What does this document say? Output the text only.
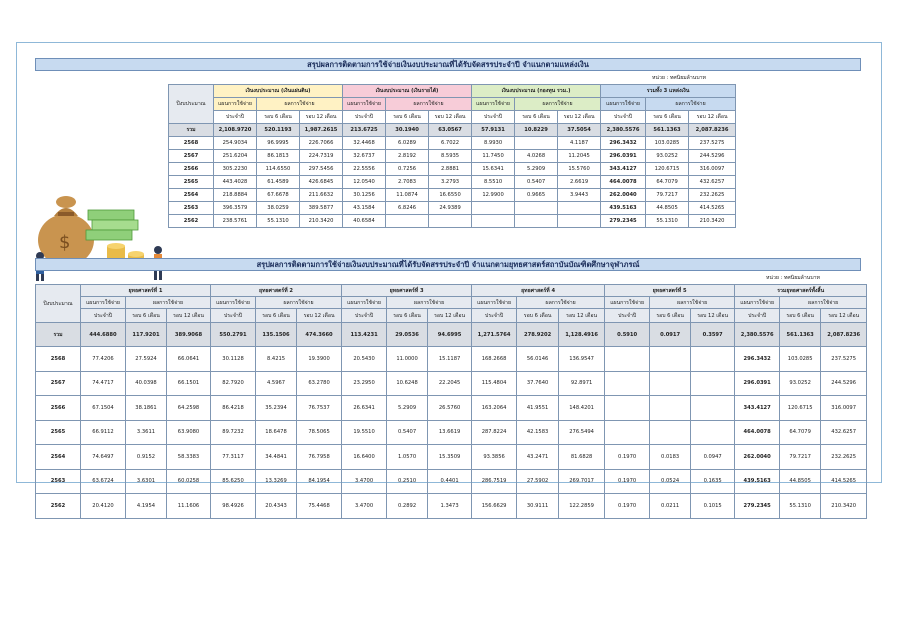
$
สรุปผลการติดตามการใช้จ่ายเงินงบประมาณที่ได้รับจัดสรรประจำปี จำแนกตามแหล่งเงิน
หน่วย : ทศนิยมล้านบาท
ปีงบประมาณ	เงินงบประมาณ (เงินแผ่นดิน)			เงินงบประมาณ (เงินรายได้)			เงินงบประมาณ (กองทุน รวม.)			รวมทั้ง 3 แหล่งเงิน		
	แผนการใช้จ่าย	ผลการใช้จ่าย		แผนการใช้จ่าย	ผลการใช้จ่าย		แผนการใช้จ่าย	ผลการใช้จ่าย		แผนการใช้จ่าย	ผลการใช้จ่าย	
	ประจำปี	รอบ 6 เดือน	รอบ 12 เดือน	ประจำปี	รอบ 6 เดือน	รอบ 12 เดือน	ประจำปี	รอบ 6 เดือน	รอบ 12 เดือน	ประจำปี	รอบ 6 เดือน	รอบ 12 เดือน
รวม	2,108.9720	520.1193	1,987.2615	213.6725	30.1940	63.0567	57.9131	10.8229	37.5054	2,380.5576	561.1363	2,087.8236
2568	254.9034	96.9995	226.7066	32.4468	6.0289	6.7022	8.9930		4.1187	296.3432	103.0285	237.5275
2567	251.6204	86.1813	224.7319	32.6737	2.8192	8.5935	11.7450	4.0268	11.2045	296.0391	93.0252	244.5296
2566	305.2230	114.6550	297.5456	22.5556	0.7256	2.8881	15.6341	5.2909	15.5760	343.4127	120.6715	316.0097
2565	443.4028	61.4589	426.6845	12.0540	2.7083	3.2793	8.5510	0.5407	2.6619	464.0078	64.7079	432.6257
2564	218.8884	67.6678	211.6632	30.1256	11.0874	16.6550	12.9900	0.9665	3.9443	262.0040	79.7217	232.2625
2563	396.3579	38.0259	389.5877	43.1584	6.8246	24.9389				439.5163	44.8505	414.5265
2562	238.5761	55.1310	210.3420	40.6584						279.2345	55.1310	210.3420
สรุปผลการติดตามการใช้จ่ายเงินงบประมาณที่ได้รับจัดสรรประจำปี จำแนกตามยุทธศาสตร์สถาบันบัณฑิตศึกษาจุฬาภรณ์
หน่วย : ทศนิยมล้านบาท
ปีงบประมาณ	ยุทธศาสตร์ที่ 1			ยุทธศาสตร์ที่ 2			ยุทธศาสตร์ที่ 3			ยุทธศาสตร์ที่ 4			ยุทธศาสตร์ที่ 5			รวมยุทธศาสตร์ทั้งสิ้น		
	แผนการใช้จ่าย	ผลการใช้จ่าย		แผนการใช้จ่าย	ผลการใช้จ่าย		แผนการใช้จ่าย	ผลการใช้จ่าย		แผนการใช้จ่าย	ผลการใช้จ่าย		แผนการใช้จ่าย	ผลการใช้จ่าย		แผนการใช้จ่าย	ผลการใช้จ่าย	
	ประจำปี	รอบ 6 เดือน	รอบ 12 เดือน	ประจำปี	รอบ 6 เดือน	รอบ 12 เดือน	ประจำปี	รอบ 6 เดือน	รอบ 12 เดือน	ประจำปี	รอบ 6 เดือน	รอบ 12 เดือน	ประจำปี	รอบ 6 เดือน	รอบ 12 เดือน	ประจำปี	รอบ 6 เดือน	รอบ 12 เดือน
รวม	444.6880	117.9201	389.9068	550.2791	135.1506	474.3660	113.4231	29.0536	94.6995	1,271.5764	278.9202	1,128.4916	0.5910	0.0917	0.3597	2,380.5576	561.1363	2,087.8236
2568	77.4206	27.5924	66.0641	30.1128	8.4215	19.3900	20.5430	11.0000	15.1187	168.2668	56.0146	136.9547				296.3432	103.0285	237.5275
2567	74.4717	40.0398	66.1501	82.7920	4.5967	63.2780	23.2950	10.6248	22.2045	115.4804	37.7640	92.8971				296.0391	93.0252	244.5296
2566	67.1504	38.1861	64.2598	86.4218	35.2394	76.7537	26.6341	5.2909	26.5760	163.2064	41.9551	148.4201				343.4127	120.6715	316.0097
2565	66.9112	3.3611	63.9080	89.7232	18.6478	78.5065	19.5510	0.5407	13.6619	287.8224	42.1583	276.5494				464.0078	64.7079	432.6257
2564	74.6497	0.9152	58.3383	77.3117	34.4841	76.7958	16.6400	1.0570	15.3509	93.3856	43.2471	81.6828	0.1970	0.0183	0.0947	262.0040	79.7217	232.2625
2563	63.6724	3.6301	60.0258	85.6250	13.3269	84.1954	3.4700	0.2510	0.4401	286.7519	27.5902	269.7017	0.1970	0.0524	0.1635	439.5163	44.8505	414.5265
2562	20.4120	4.1954	11.1606	98.4926	20.4343	75.4468	3.4700	0.2892	1.3473	156.6629	30.9111	122.2859	0.1970	0.0211	0.1015	279.2345	55.1310	210.3420
